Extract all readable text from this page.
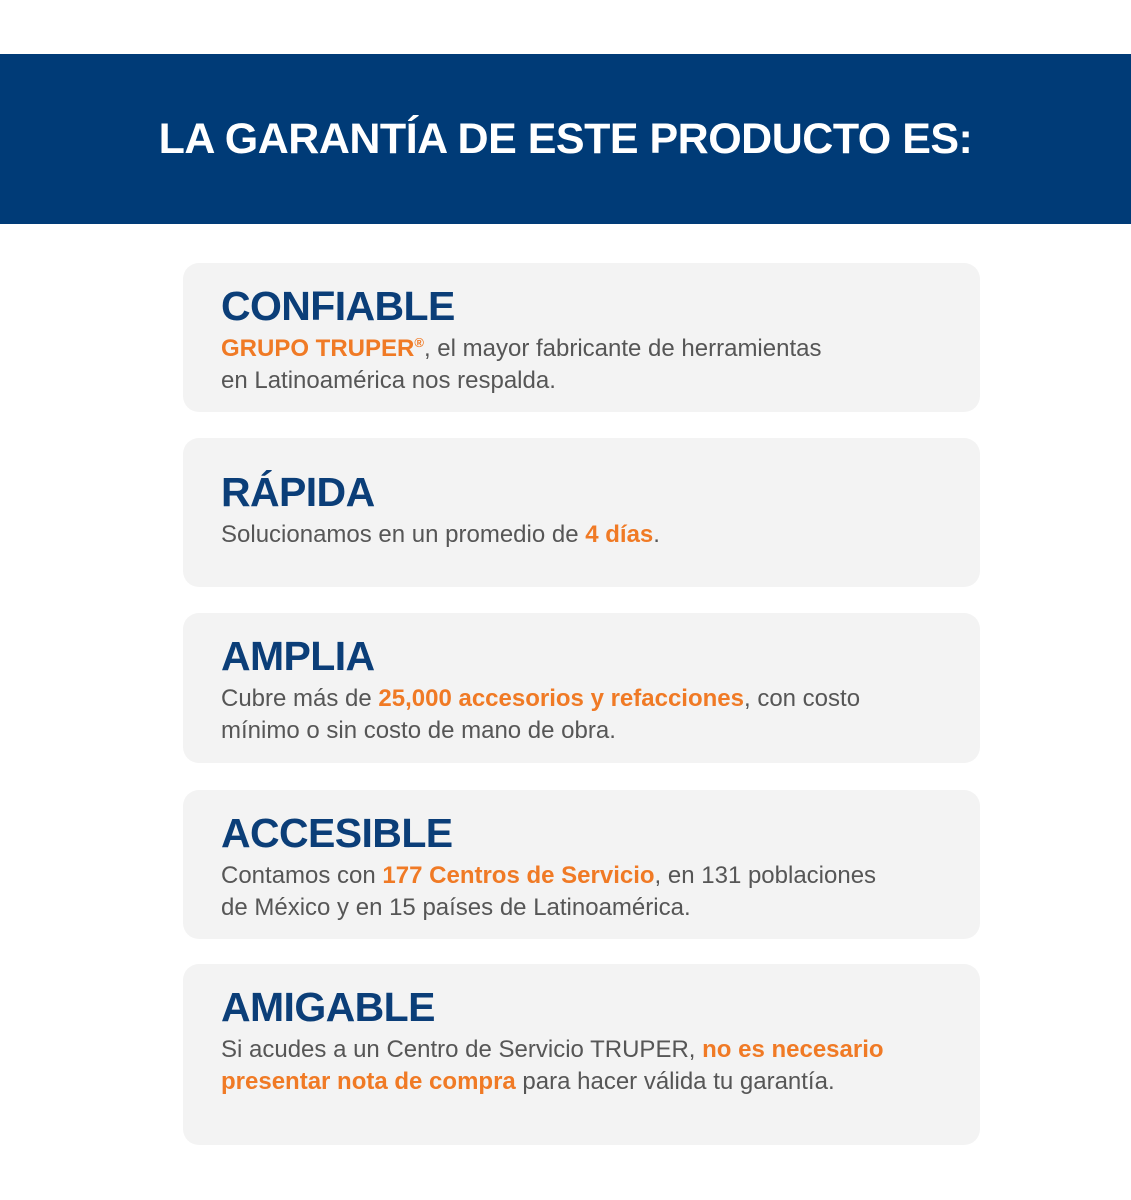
LA GARANTÍA DE ESTE PRODUCTO ES:
CONFIABLE

GRUPO TRUPER®, el mayor fabricante de herramientas
en Latinoamérica nos respalda.

RÁPIDA

Solucionamos en un promedio de 4 días.

AMPLIA

Cubre más de 25,000 accesorios y refacciones, con costo
mínimo o sin costo de mano de obra.

ACCESIBLE

Contamos con 177 Centros de Servicio, en 131 poblaciones
de México y en 15 países de Latinoamérica.

AMIGABLE

Si acudes a un Centro de Servicio TRUPER, no es necesario
presentar nota de compra para hacer válida tu garantía.
